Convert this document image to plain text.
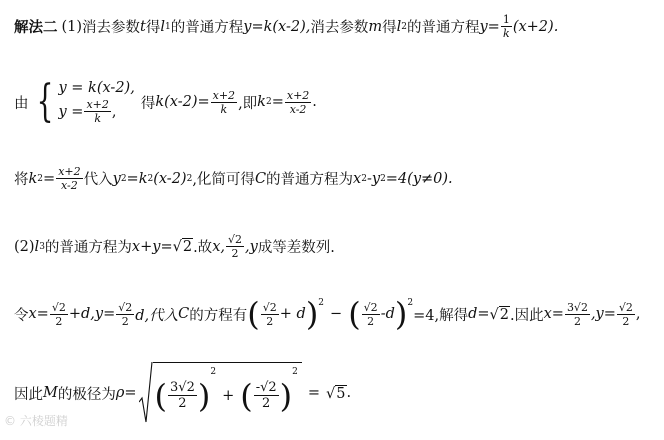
解法二 (1) 消去参数 t 得 l 1 的普通方程 y=k(x-2), 消去参数 m 得 l 2 的普通方程 $y= \frac{1}{k} (x+2)$.
由 { y = k(x-2),
$y = \frac{x+2}{k}$ , 得 $k(x-2)= \frac{x+2}{k}$ ,即 k $2 = \frac{x+2}{x-2}$ .
将 k $2 = \frac{x+2}{x-2}$ 代入 y 2 =k 2 (x-2) 2 ,化简可得 C 的普通方程为 x 2 -y 2 =4(y≠0).
(2) l 3 的普通方程为 x+y= √ 2 .故 x, $\frac{√2}{2} ,y$ 成等差数列.
令 $x= \frac{√2}{2} +d,y= \frac{√2}{2} d$,代入 C 的方程有 ( $\frac{√2}{2} + d$ )$^2$
− ( $\frac{√2}{2} -d$ )$^2$
=4,解得 d= √ 2 .因此 $x= \frac{3√2}{2} ,y= \frac{√2}{2}$ ,
因此 M 的极径为 ρ= ( $\frac{3√2}{2}$ )
2
+ ( $\frac{-√2}{2}$ )
2
= √ 5 .
© 六棱题精
